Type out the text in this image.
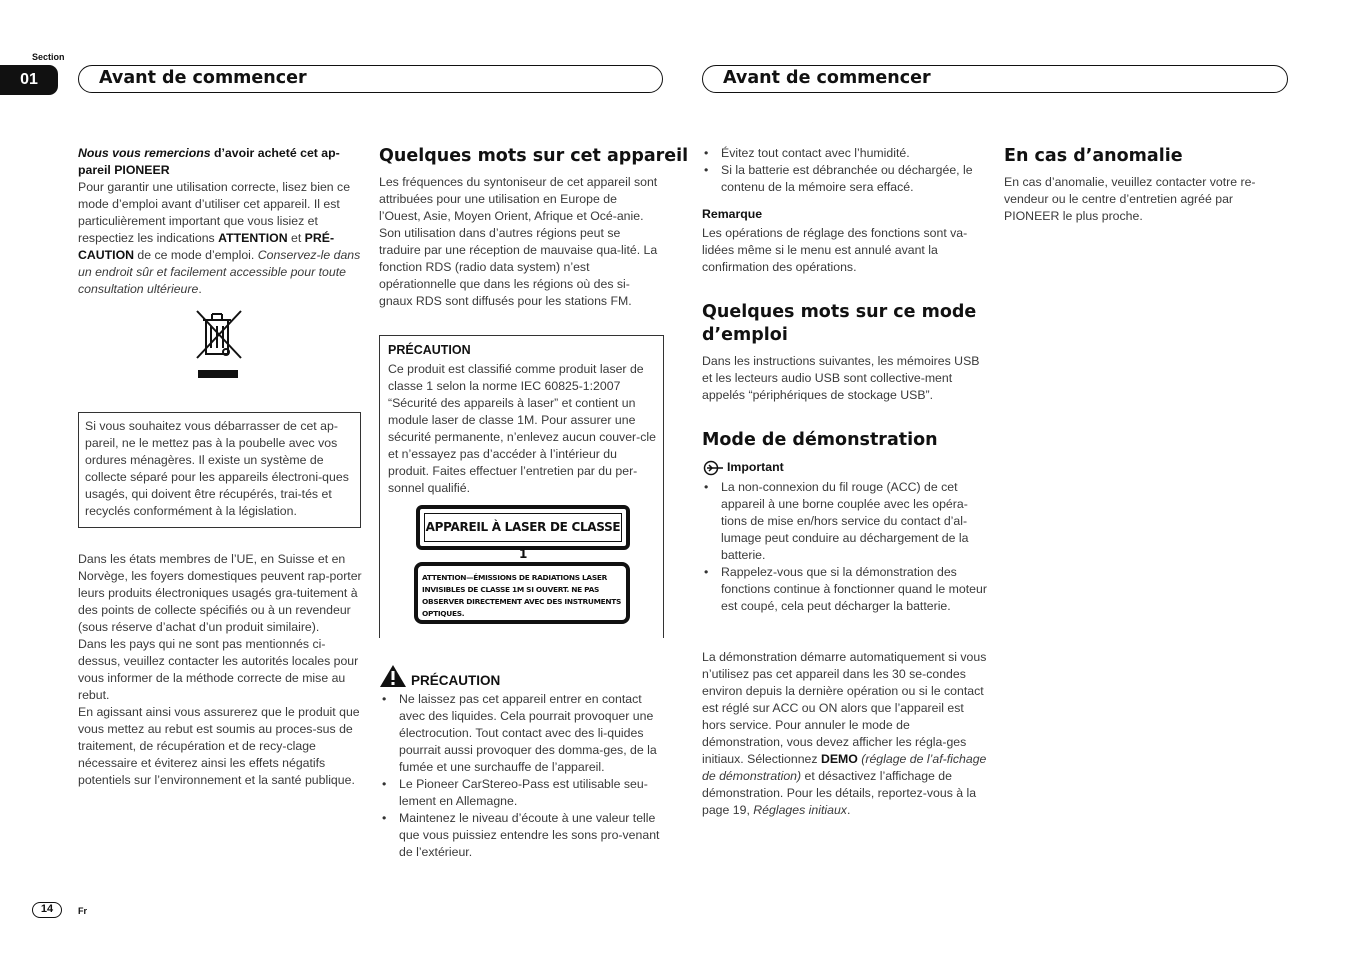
Section
01	Avant de commencer	Avant de commencer

Nous vous remercions d’avoir acheté cet ap-pareil PIONEER

Pour garantir une utilisation correcte, lisez bien ce mode d’emploi avant d’utiliser cet appareil. Il est particulièrement important que vous lisiez et respectiez les indications ATTENTION et PRÉ-CAUTION de ce mode d’emploi. Conservez-le dans un endroit sûr et facilement accessible pour toute consultation ultérieure.

Si vous souhaitez vous débarrasser de cet ap-pareil, ne le mettez pas à la poubelle avec vos ordures ménagères. Il existe un système de collecte séparé pour les appareils électroni-ques usagés, qui doivent être récupérés, trai-tés et recyclés conformément à la législation.

Dans les états membres de l’UE, en Suisse et en Norvège, les foyers domestiques peuvent rap-porter leurs produits électroniques usagés gra-tuitement à des points de collecte spécifiés ou à un revendeur (sous réserve d’achat d’un produit similaire).

Dans les pays qui ne sont pas mentionnés ci-dessus, veuillez contacter les autorités locales pour vous informer de la méthode correcte de mise au rebut.

En agissant ainsi vous assurerez que le produit que vous mettez au rebut est soumis au proces-sus de traitement, de récupération et de recy-clage nécessaire et éviterez ainsi les effets négatifs potentiels sur l’environnement et la santé publique.

Quelques mots sur cet appareil

Les fréquences du syntoniseur de cet appareil sont attribuées pour une utilisation en Europe de l’Ouest, Asie, Moyen Orient, Afrique et Océ-anie. Son utilisation dans d’autres régions peut se traduire par une réception de mauvaise qua-lité. La fonction RDS (radio data system) n’est opérationnelle que dans les régions où des si-gnaux RDS sont diffusés pour les stations FM.

PRÉCAUTION
Ce produit est classifié comme produit laser de classe 1 selon la norme IEC 60825-1:2007 “Sécurité des appareils à laser” et contient un module laser de classe 1M. Pour assurer une sécurité permanente, n’enlevez aucun couver-cle et n’essayez pas d’accéder à l’intérieur du produit. Faites effectuer l’entretien par du per-sonnel qualifié.
APPAREIL À LASER DE CLASSE 1
ATTENTION—ÉMISSIONS DE RADIATIONS LASER INVISIBLES DE CLASSE 1M SI OUVERT. NE PAS OBSERVER DIRECTEMENT AVEC DES INSTRUMENTS OPTIQUES.
PRÉCAUTION
• Ne laissez pas cet appareil entrer en contact avec des liquides. Cela pourrait provoquer une électrocution. Tout contact avec des li-quides pourrait aussi provoquer des domma-ges, de la fumée et une surchauffe de l’appareil.
• Le Pioneer CarStereo-Pass est utilisable seu-lement en Allemagne.
• Maintenez le niveau d’écoute à une valeur telle que vous puissiez entendre les sons pro-venant de l’extérieur.
• Évitez tout contact avec l’humidité.
• Si la batterie est débranchée ou déchargée, le contenu de la mémoire sera effacé.
Remarque
Les opérations de réglage des fonctions sont va-lidées même si le menu est annulé avant la confirmation des opérations.
Quelques mots sur ce mode d’emploi
Dans les instructions suivantes, les mémoires USB et les lecteurs audio USB sont collective-ment appelés “périphériques de stockage USB”.
Mode de démonstration
Important
• La non-connexion du fil rouge (ACC) de cet appareil à une borne couplée avec les opéra-tions de mise en/hors service du contact d’al-lumage peut conduire au déchargement de la batterie.
• Rappelez-vous que si la démonstration des fonctions continue à fonctionner quand le moteur est coupé, cela peut décharger la batterie.

La démonstration démarre automatiquement si vous n’utilisez pas cet appareil dans les 30 se-condes environ depuis la dernière opération ou si le contact est réglé sur ACC ou ON alors que l’appareil est hors service. Pour annuler le mode de démonstration, vous devez afficher les régla-ges initiaux. Sélectionnez DEMO (réglage de l’af-fichage de démonstration) et désactivez l’affichage de démonstration. Pour les détails, reportez-vous à la page 19, Réglages initiaux.

En cas d’anomalie
En cas d’anomalie, veuillez contacter votre re-vendeur ou le centre d’entretien agréé par PIONEER le plus proche.
14	Fr
